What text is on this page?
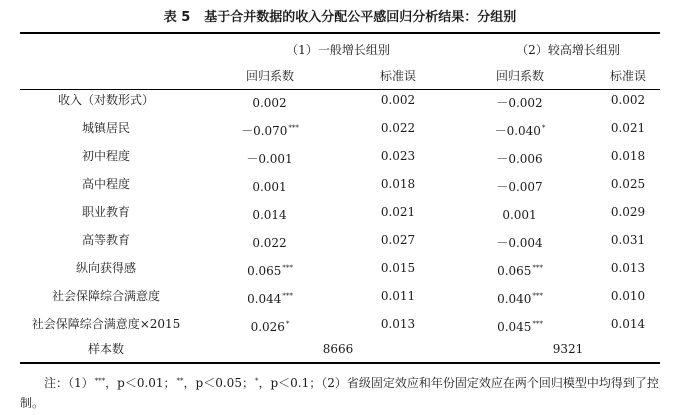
表 5 基于合并数据的收入分配公平感回归分析结果：分组别
（1）一般增长组别	（2）较高增长组别
回归系数	标准误	回归系数	标准误
收入（对数形式）	0.002	0.002	－0.002	0.002
城镇居民	－0.070***	0.022	－0.040*	0.021
初中程度	－0.001	0.023	－0.006	0.018
高中程度	0.001	0.018	－0.007	0.025
职业教育	0.014	0.021	0.001	0.029
高等教育	0.022	0.027	－0.004	0.031
纵向获得感	0.065***	0.015	0.065***	0.013
社会保障综合满意度	0.044***	0.011	0.040***	0.010
社会保障综合满意度×2015	0.026*	0.013	0.045***	0.014
样本数	8666	9321
注：（1）***，p＜0.01；**，p＜0.05；*，p＜0.1；（2）省级固定效应和年份固定效应在两个回归模型中均得到了控制。
